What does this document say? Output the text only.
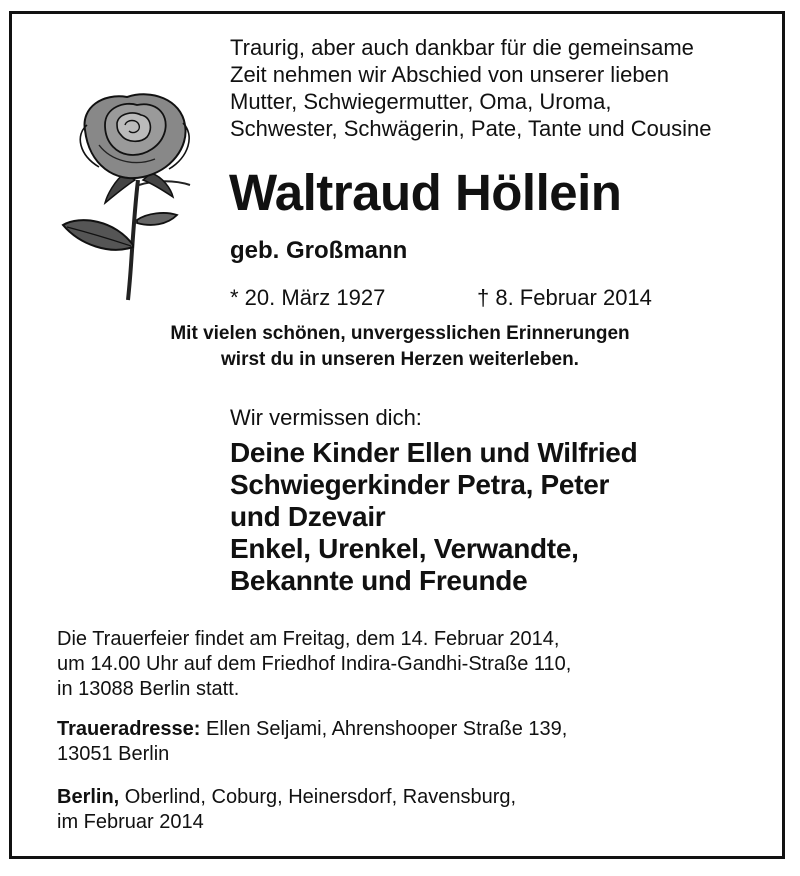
Traurig, aber auch dankbar für die gemeinsame
Zeit nehmen wir Abschied von unserer lieben
Mutter, Schwiegermutter, Oma, Uroma,
Schwester, Schwägerin, Pate, Tante und Cousine
Waltraud Höllein
geb. Großmann
* 20. März 1927	† 8. Februar 2014
Mit vielen schönen, unvergesslichen Erinnerungen
wirst du in unseren Herzen weiterleben.
Wir vermissen dich:
Deine Kinder Ellen und Wilfried
Schwiegerkinder Petra, Peter
und Dzevair
Enkel, Urenkel, Verwandte,
Bekannte und Freunde
Die Trauerfeier findet am Freitag, dem 14. Februar 2014,
um 14.00 Uhr auf dem Friedhof Indira-Gandhi-Straße 110,
in 13088 Berlin statt.
Traueradresse: Ellen Seljami, Ahrenshooper Straße 139,
13051 Berlin
Berlin, Oberlind, Coburg, Heinersdorf, Ravensburg,
im Februar 2014
